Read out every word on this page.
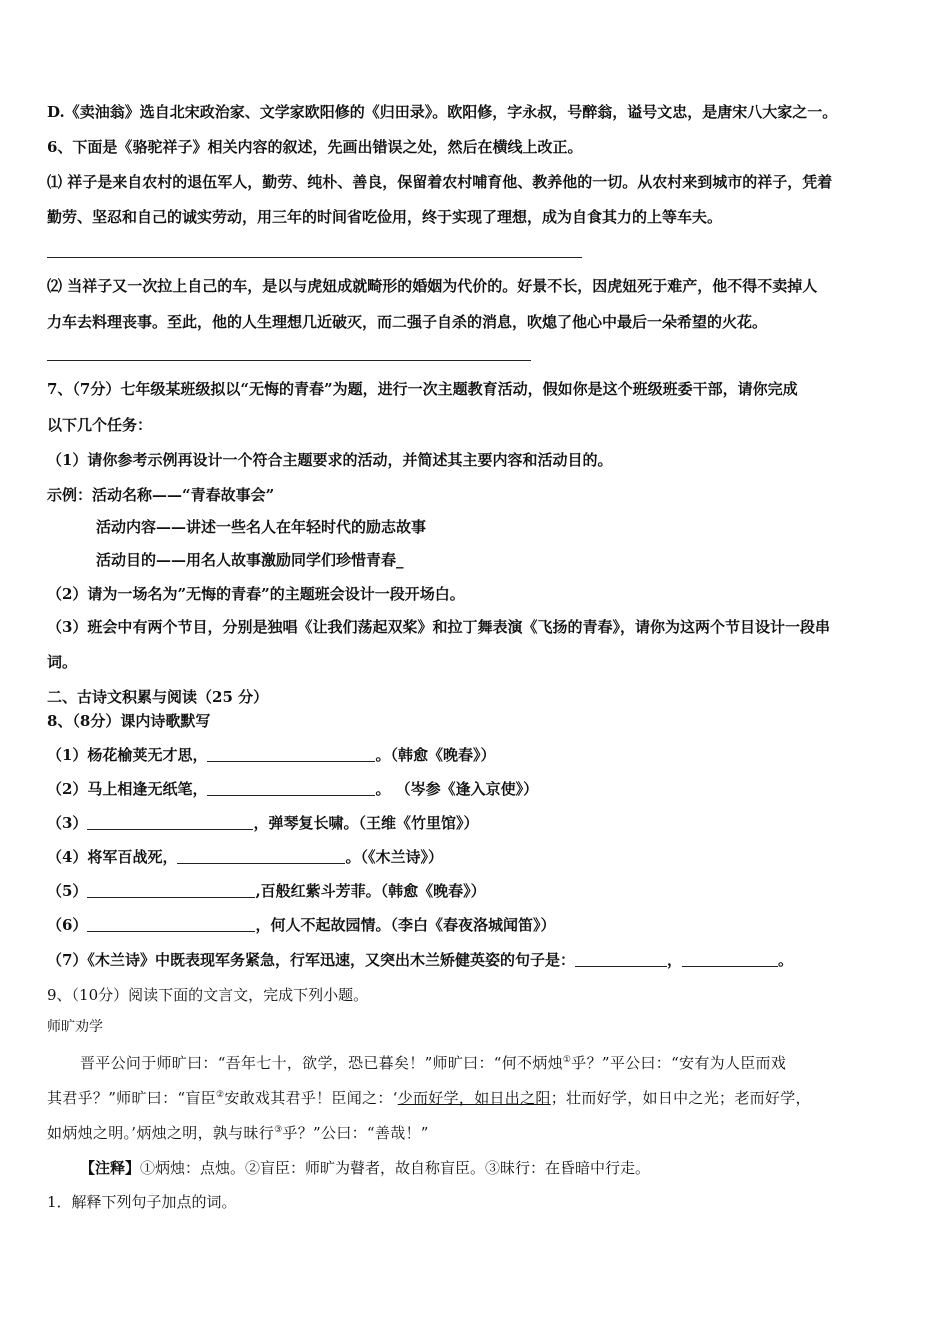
D.《卖油翁》选自北宋政治家、文学家欧阳修的《归田录》。欧阳修，字永叔，号醉翁，谥号文忠，是唐宋八大家之一。
6、下面是《骆驼祥子》相关内容的叙述，先画出错误之处，然后在横线上改正。
⑴ 祥子是来自农村的退伍军人，勤劳、纯朴、善良，保留着农村哺育他、教养他的一切。从农村来到城市的祥子，凭着
勤劳、坚忍和自己的诚实劳动，用三年的时间省吃俭用，终于实现了理想，成为自食其力的上等车夫。
⑵ 当祥子又一次拉上自己的车，是以与虎妞成就畸形的婚姻为代价的。好景不长，因虎妞死于难产，他不得不卖掉人
力车去料理丧事。至此，他的人生理想几近破灭，而二强子自杀的消息，吹熄了他心中最后一朵希望的火花。
7、（7分）七年级某班级拟以“无悔的青春”为题，进行一次主题教育活动，假如你是这个班级班委干部，请你完成
以下几个任务：
（1）请你参考示例再设计一个符合主题要求的活动，并简述其主要内容和活动目的。
示例：活动名称——“青春故事会”
活动内容——讲述一些名人在年轻时代的励志故事
活动目的——用名人故事激励同学们珍惜青春_
（2）请为一场名为”无悔的青春”的主题班会设计一段开场白。
（3）班会中有两个节目，分别是独唱《让我们荡起双桨》和拉丁舞表演《飞扬的青春》，请你为这两个节目设计一段串
词。
二、古诗文积累与阅读（25 分）
8、（8分）课内诗歌默写
（1）杨花榆荚无才思，	。（韩愈《晚春》）
（2）马上相逢无纸笔，	。 （岑参《逢入京使》）
（3）	，弹琴复长啸。（王维《竹里馆》）
（4）将军百战死，	。（《木兰诗》）
（5）	,百般红紫斗芳菲。（韩愈《晚春》）
（6）	，何人不起故园情。（李白《春夜洛城闻笛》）
（7）《木兰诗》中既表现军务紧急，行军迅速，又突出木兰矫健英姿的句子是：	，	。
9、（10分）阅读下面的文言文，完成下列小题。
师旷劝学
晋平公问于师旷曰：“吾年七十，欲学，恐已暮矣！”师旷曰：“何不炳烛①乎？”平公曰：“安有为人臣而戏
其君乎？”师旷曰：“盲臣②安敢戏其君乎！臣闻之：‘少而好学，如日出之阳；壮而好学，如日中之光；老而好学，
如炳烛之明。’炳烛之明，孰与昧行③乎？”公曰：“善哉！”
【注释】①炳烛：点烛。②盲臣：师旷为瞽者，故自称盲臣。③昧行：在昏暗中行走。
1．解释下列句子加点的词。
